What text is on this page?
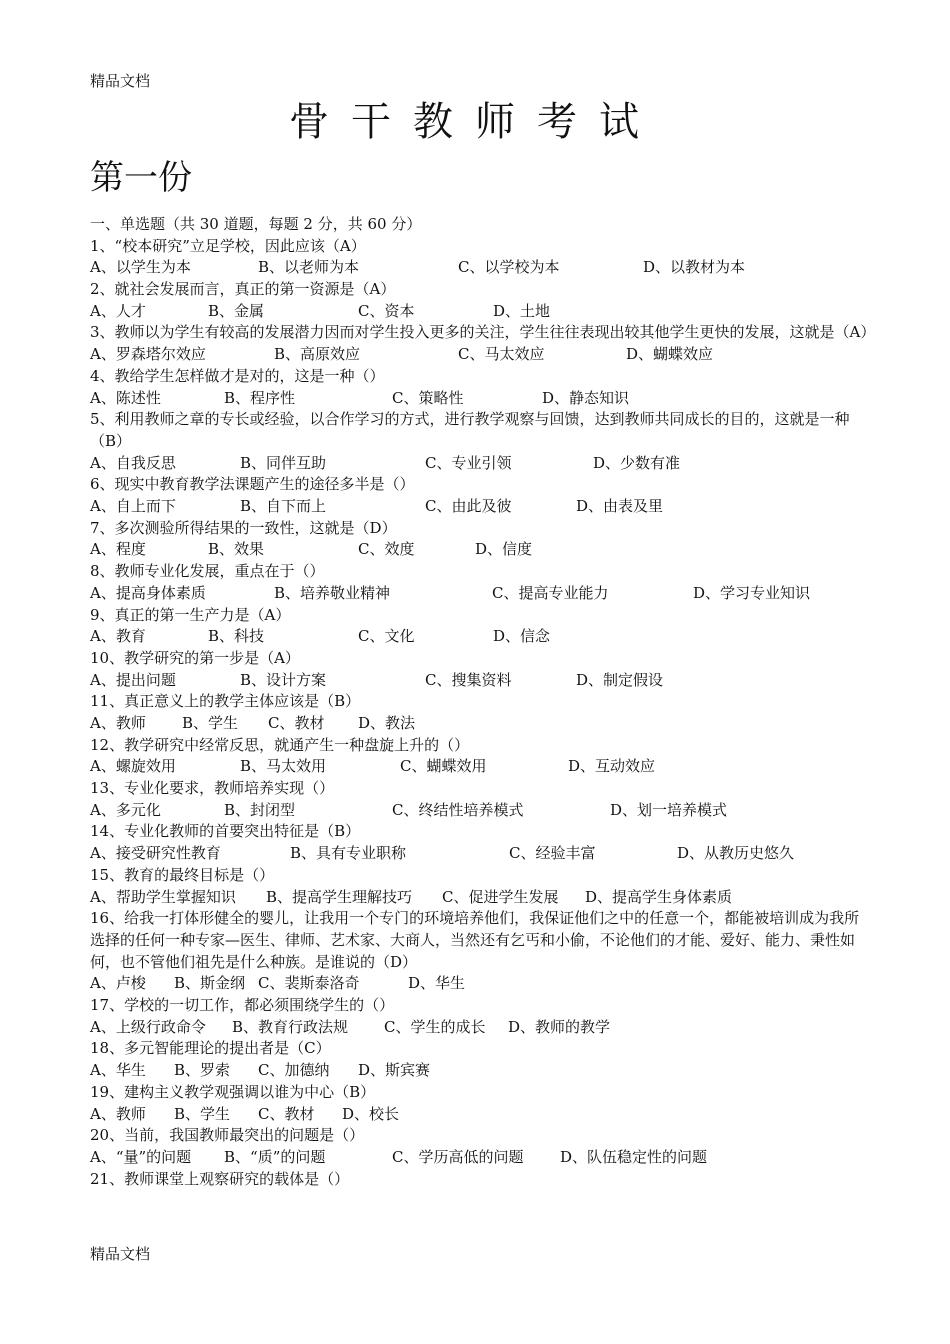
精品文档
骨干教师考试
第一份
一、单选题（共 30 道题，每题 2 分，共 60 分）
1、“校本研究”立足学校，因此应该（A）
A、以学生为本	B、以老师为本	C、以学校为本	D、以教材为本
2、就社会发展而言，真正的第一资源是（A）
A、人才	B、金属	C、资本	D、土地
3、教师以为学生有较高的发展潜力因而对学生投入更多的关注，学生往往表现出较其他学生更快的发展，这就是（A）
A、罗森塔尔效应	B、高原效应	C、马太效应	D、蝴蝶效应
4、教给学生怎样做才是对的，这是一种（）
A、陈述性	B、程序性	C、策略性	D、静态知识
5、利用教师之章的专长或经验，以合作学习的方式，进行教学观察与回馈，达到教师共同成长的目的，这就是一种（B）
A、自我反思	B、同伴互助	C、专业引领	D、少数有准
6、现实中教育教学法课题产生的途径多半是（）
A、自上而下	B、自下而上	C、由此及彼	D、由表及里
7、多次测验所得结果的一致性，这就是（D）
A、程度	B、效果	C、效度	D、信度
8、教师专业化发展，重点在于（）
A、提高身体素质	B、培养敬业精神	C、提高专业能力	D、学习专业知识
9、真正的第一生产力是（A）
A、教育	B、科技	C、文化	D、信念
10、教学研究的第一步是（A）
A、提出问题	B、设计方案	C、搜集资料	D、制定假设
11、真正意义上的教学主体应该是（B）
A、教师 B、学生 C、教材 D、教法
12、教学研究中经常反思，就通产生一种盘旋上升的（）
A、螺旋效用	B、马太效用	C、蝴蝶效用	D、互动效应
13、专业化要求，教师培养实现（）
A、多元化	B、封闭型	C、终结性培养模式	D、划一培养模式
14、专业化教师的首要突出特征是（B）
A、接受研究性教育	B、具有专业职称	C、经验丰富	D、从教历史悠久
15、教育的最终目标是（）
A、帮助学生掌握知识 B、提高学生理解技巧 C、促进学生发展 D、提高学生身体素质
16、给我一打体形健全的婴儿，让我用一个专门的环境培养他们，我保证他们之中的任意一个，都能被培训成为我所选择的任何一种专家—医生、律师、艺术家、大商人，当然还有乞丐和小偷，不论他们的才能、爱好、能力、秉性如何，也不管他们祖先是什么种族。是谁说的（D）
A、卢梭 B、斯金纲 C、裴斯泰洛奇	D、华生
17、学校的一切工作，都必须围绕学生的（）
A、上级行政命令 B、教育行政法规 C、学生的成长 D、教师的教学
18、多元智能理论的提出者是（C）
A、华生 B、罗索 C、加德纳 D、斯宾赛
19、建构主义教学观强调以谁为中心（B）
A、教师 B、学生 C、教材 D、校长
20、当前，我国教师最突出的问题是（）
A、“量”的问题 B、“质”的问题	C、学历高低的问题 D、队伍稳定性的问题
21、教师课堂上观察研究的载体是（）
精品文档
